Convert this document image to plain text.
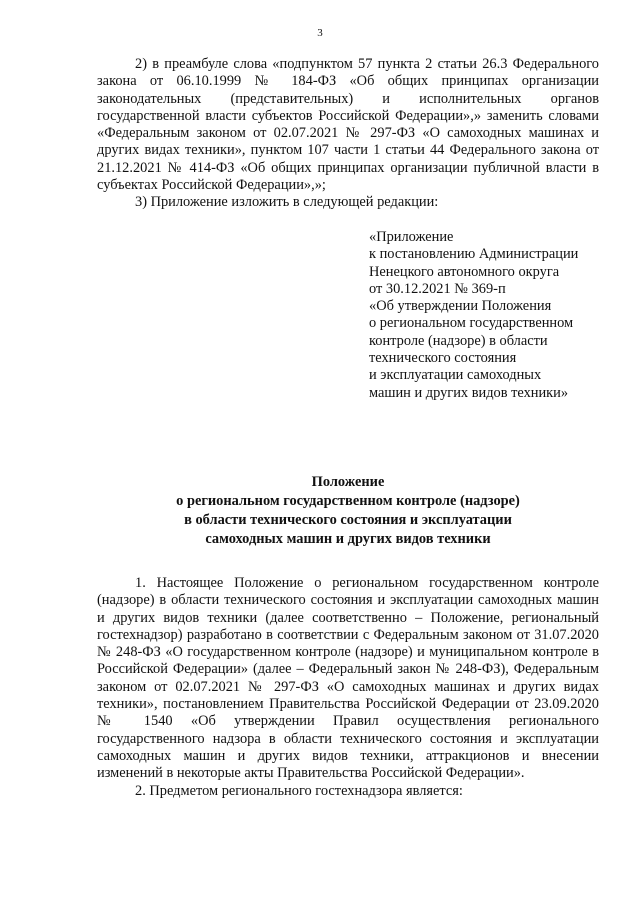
3

2) в преамбуле слова «подпунктом 57 пункта 2 статьи 26.3 Федерального закона от 06.10.1999 № 184-ФЗ «Об общих принципах организации законодательных (представительных) и исполнительных органов государственной власти субъектов Российской Федерации»,» заменить словами «Федеральным законом от 02.07.2021 № 297-ФЗ «О самоходных машинах и других видах техники», пунктом 107 части 1 статьи 44 Федерального закона от 21.12.2021 № 414-ФЗ «Об общих принципах организации публичной власти в субъектах Российской Федерации»,»;

3) Приложение изложить в следующей редакции:

«Приложение
к постановлению Администрации
Ненецкого автономного округа
от 30.12.2021 № 369-п
«Об утверждении Положения
о региональном государственном
контроле (надзоре) в области
технического состояния
и эксплуатации самоходных
машин и других видов техники»
Положение
о региональном государственном контроле (надзоре)
в области технического состояния и эксплуатации
самоходных машин и других видов техники

1. Настоящее Положение о региональном государственном контроле (надзоре) в области технического состояния и эксплуатации самоходных машин и других видов техники (далее соответственно – Положение, региональный гостехнадзор) разработано в соответствии с Федеральным законом от 31.07.2020 № 248-ФЗ «О государственном контроле (надзоре) и муниципальном контроле в Российской Федерации» (далее – Федеральный закон № 248-ФЗ), Федеральным законом от 02.07.2021 № 297-ФЗ «О самоходных машинах и других видах техники», постановлением Правительства Российской Федерации от 23.09.2020 № 1540 «Об утверждении Правил осуществления регионального государственного надзора в области технического состояния и эксплуатации самоходных машин и других видов техники, аттракционов и внесении изменений в некоторые акты Правительства Российской Федерации».

2. Предметом регионального гостехнадзора является:
